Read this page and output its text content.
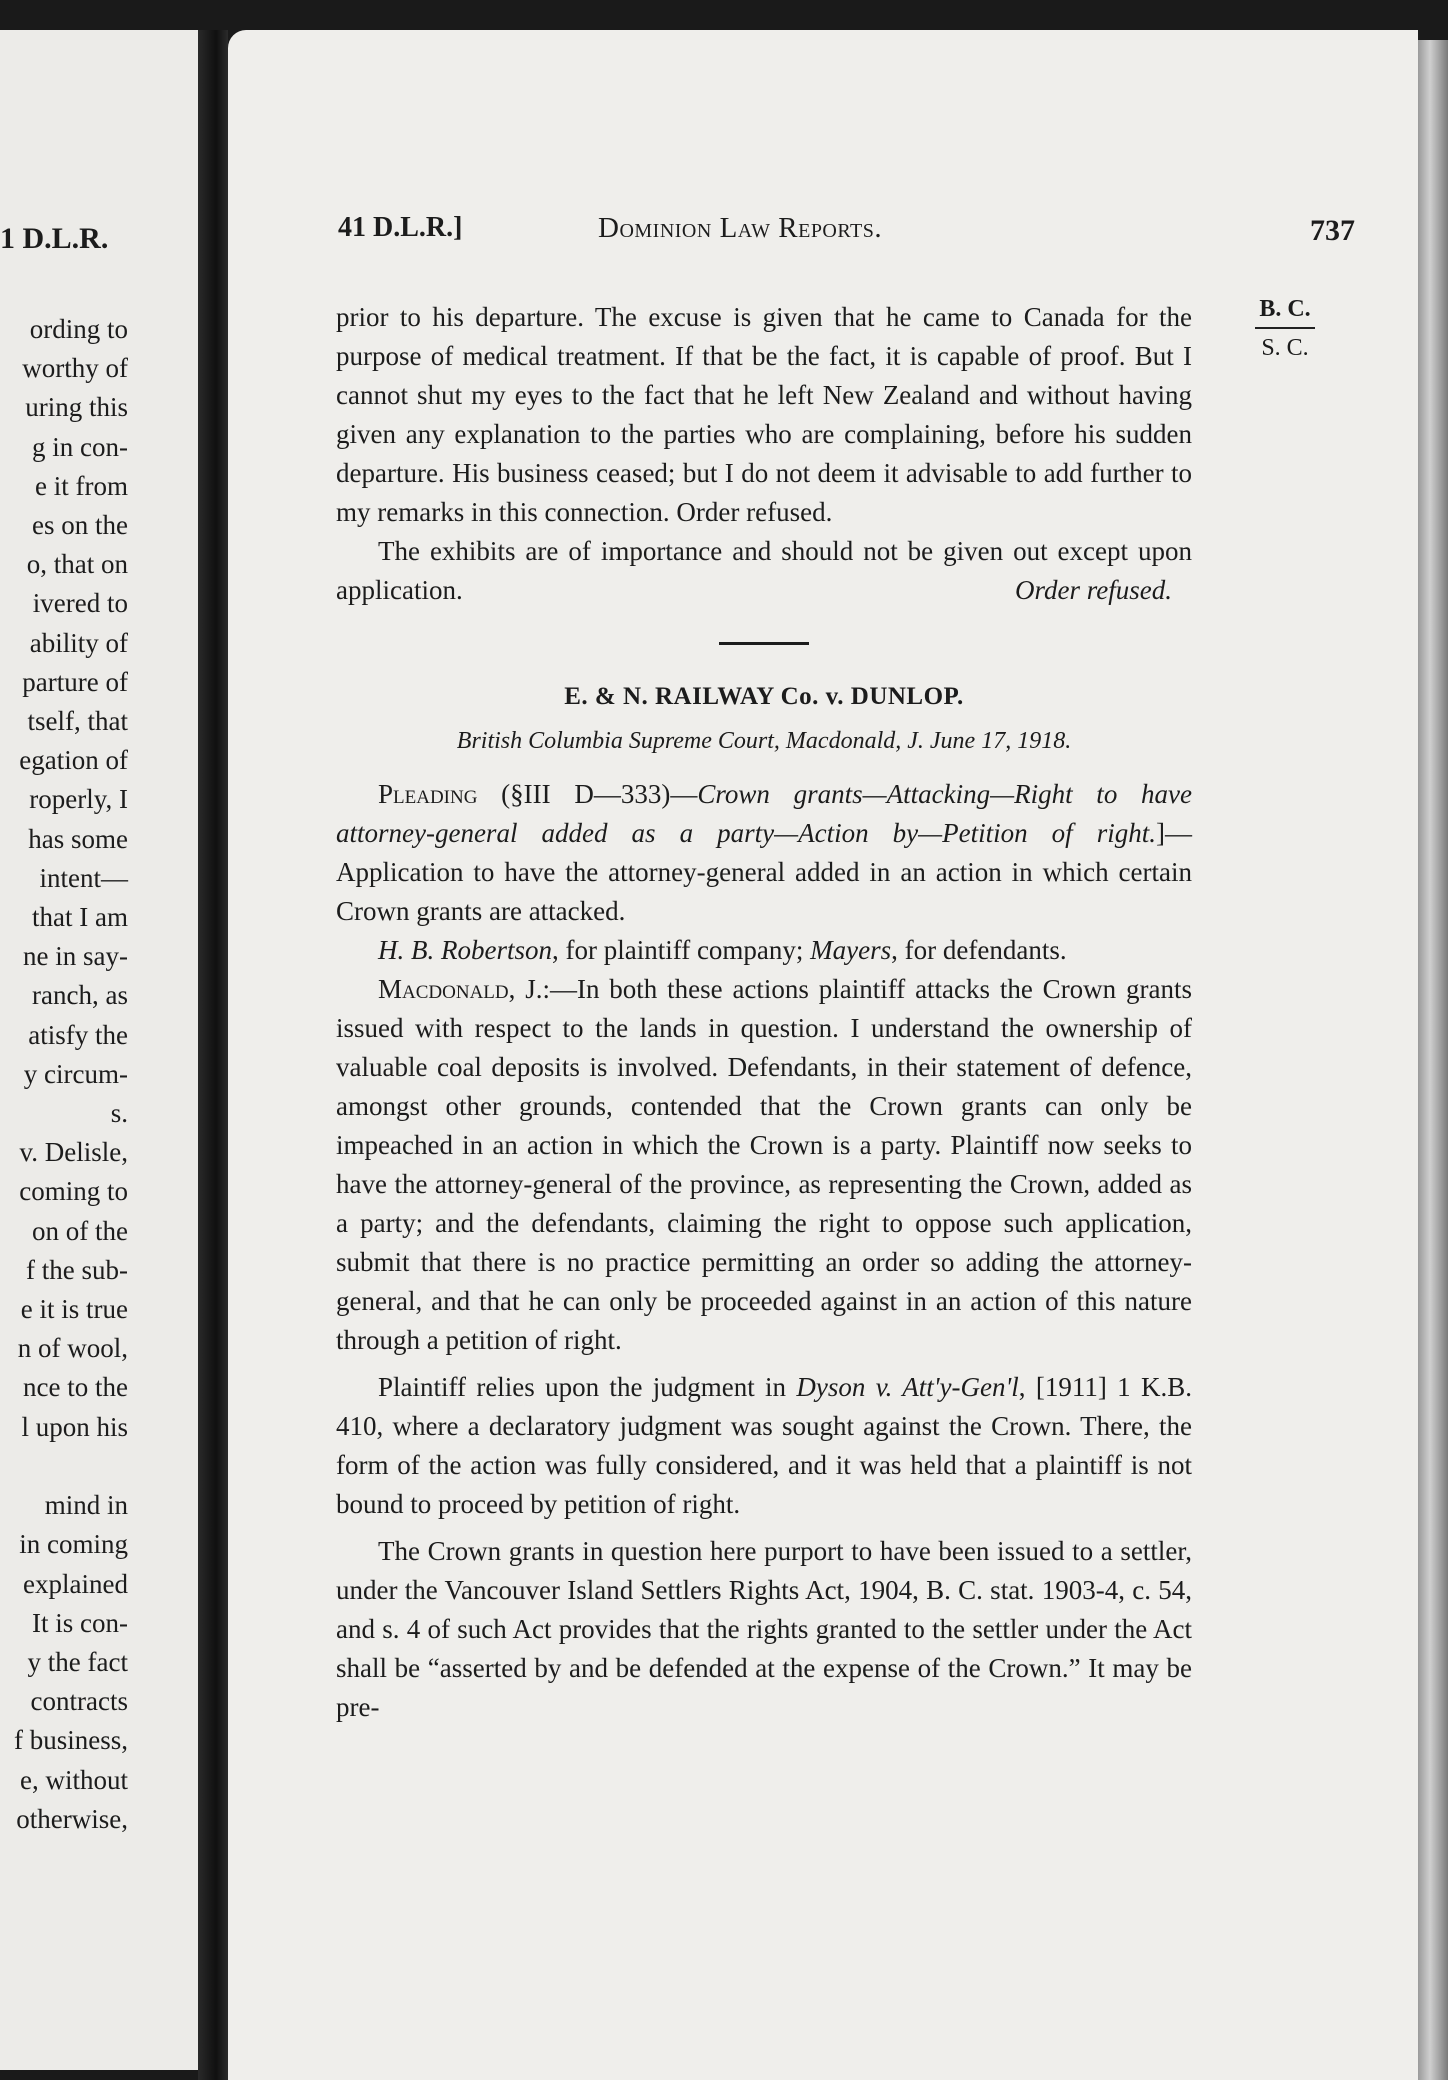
1 D.L.R.
ording to
worthy of
uring this
g in con-
e it from
es on the
o, that on
ivered to
ability of
parture of
tself, that
egation of
roperly, I
has some
intent—
that I am
ne in say-
ranch, as
atisfy the
y circum-
s.
v. Delisle,
coming to
on of the
f the sub-
e it is true
n of wool,
nce to the
l upon his

mind in
in coming
explained
It is con-
y the fact
contracts
f business,
e, without
otherwise,
41 D.L.R.]	Dominion Law Reports.	737
B. C.
S. C.

prior to his departure. The excuse is given that he came to Canada for the purpose of medical treatment. If that be the fact, it is capable of proof. But I cannot shut my eyes to the fact that he left New Zealand and without having given any explanation to the parties who are complaining, before his sudden departure. His business ceased; but I do not deem it advisable to add further to my remarks in this connection. Order refused.

The exhibits are of importance and should not be given out except upon application.	Order refused.

E. & N. RAILWAY Co. v. DUNLOP.
British Columbia Supreme Court, Macdonald, J. June 17, 1918.

Pleading (§III D—333)—Crown grants—Attacking—Right to have attorney-general added as a party—Action by—Petition of right.]—Application to have the attorney-general added in an action in which certain Crown grants are attacked.

H. B. Robertson, for plaintiff company; Mayers, for defendants.

Macdonald, J.:—In both these actions plaintiff attacks the Crown grants issued with respect to the lands in question. I understand the ownership of valuable coal deposits is involved. Defendants, in their statement of defence, amongst other grounds, contended that the Crown grants can only be impeached in an action in which the Crown is a party. Plaintiff now seeks to have the attorney-general of the province, as representing the Crown, added as a party; and the defendants, claiming the right to oppose such application, submit that there is no practice permitting an order so adding the attorney-general, and that he can only be proceeded against in an action of this nature through a petition of right.

Plaintiff relies upon the judgment in Dyson v. Att'y-Gen'l, [1911] 1 K.B. 410, where a declaratory judgment was sought against the Crown. There, the form of the action was fully considered, and it was held that a plaintiff is not bound to proceed by petition of right.

The Crown grants in question here purport to have been issued to a settler, under the Vancouver Island Settlers Rights Act, 1904, B. C. stat. 1903-4, c. 54, and s. 4 of such Act provides that the rights granted to the settler under the Act shall be “asserted by and be defended at the expense of the Crown.” It may be pre-
